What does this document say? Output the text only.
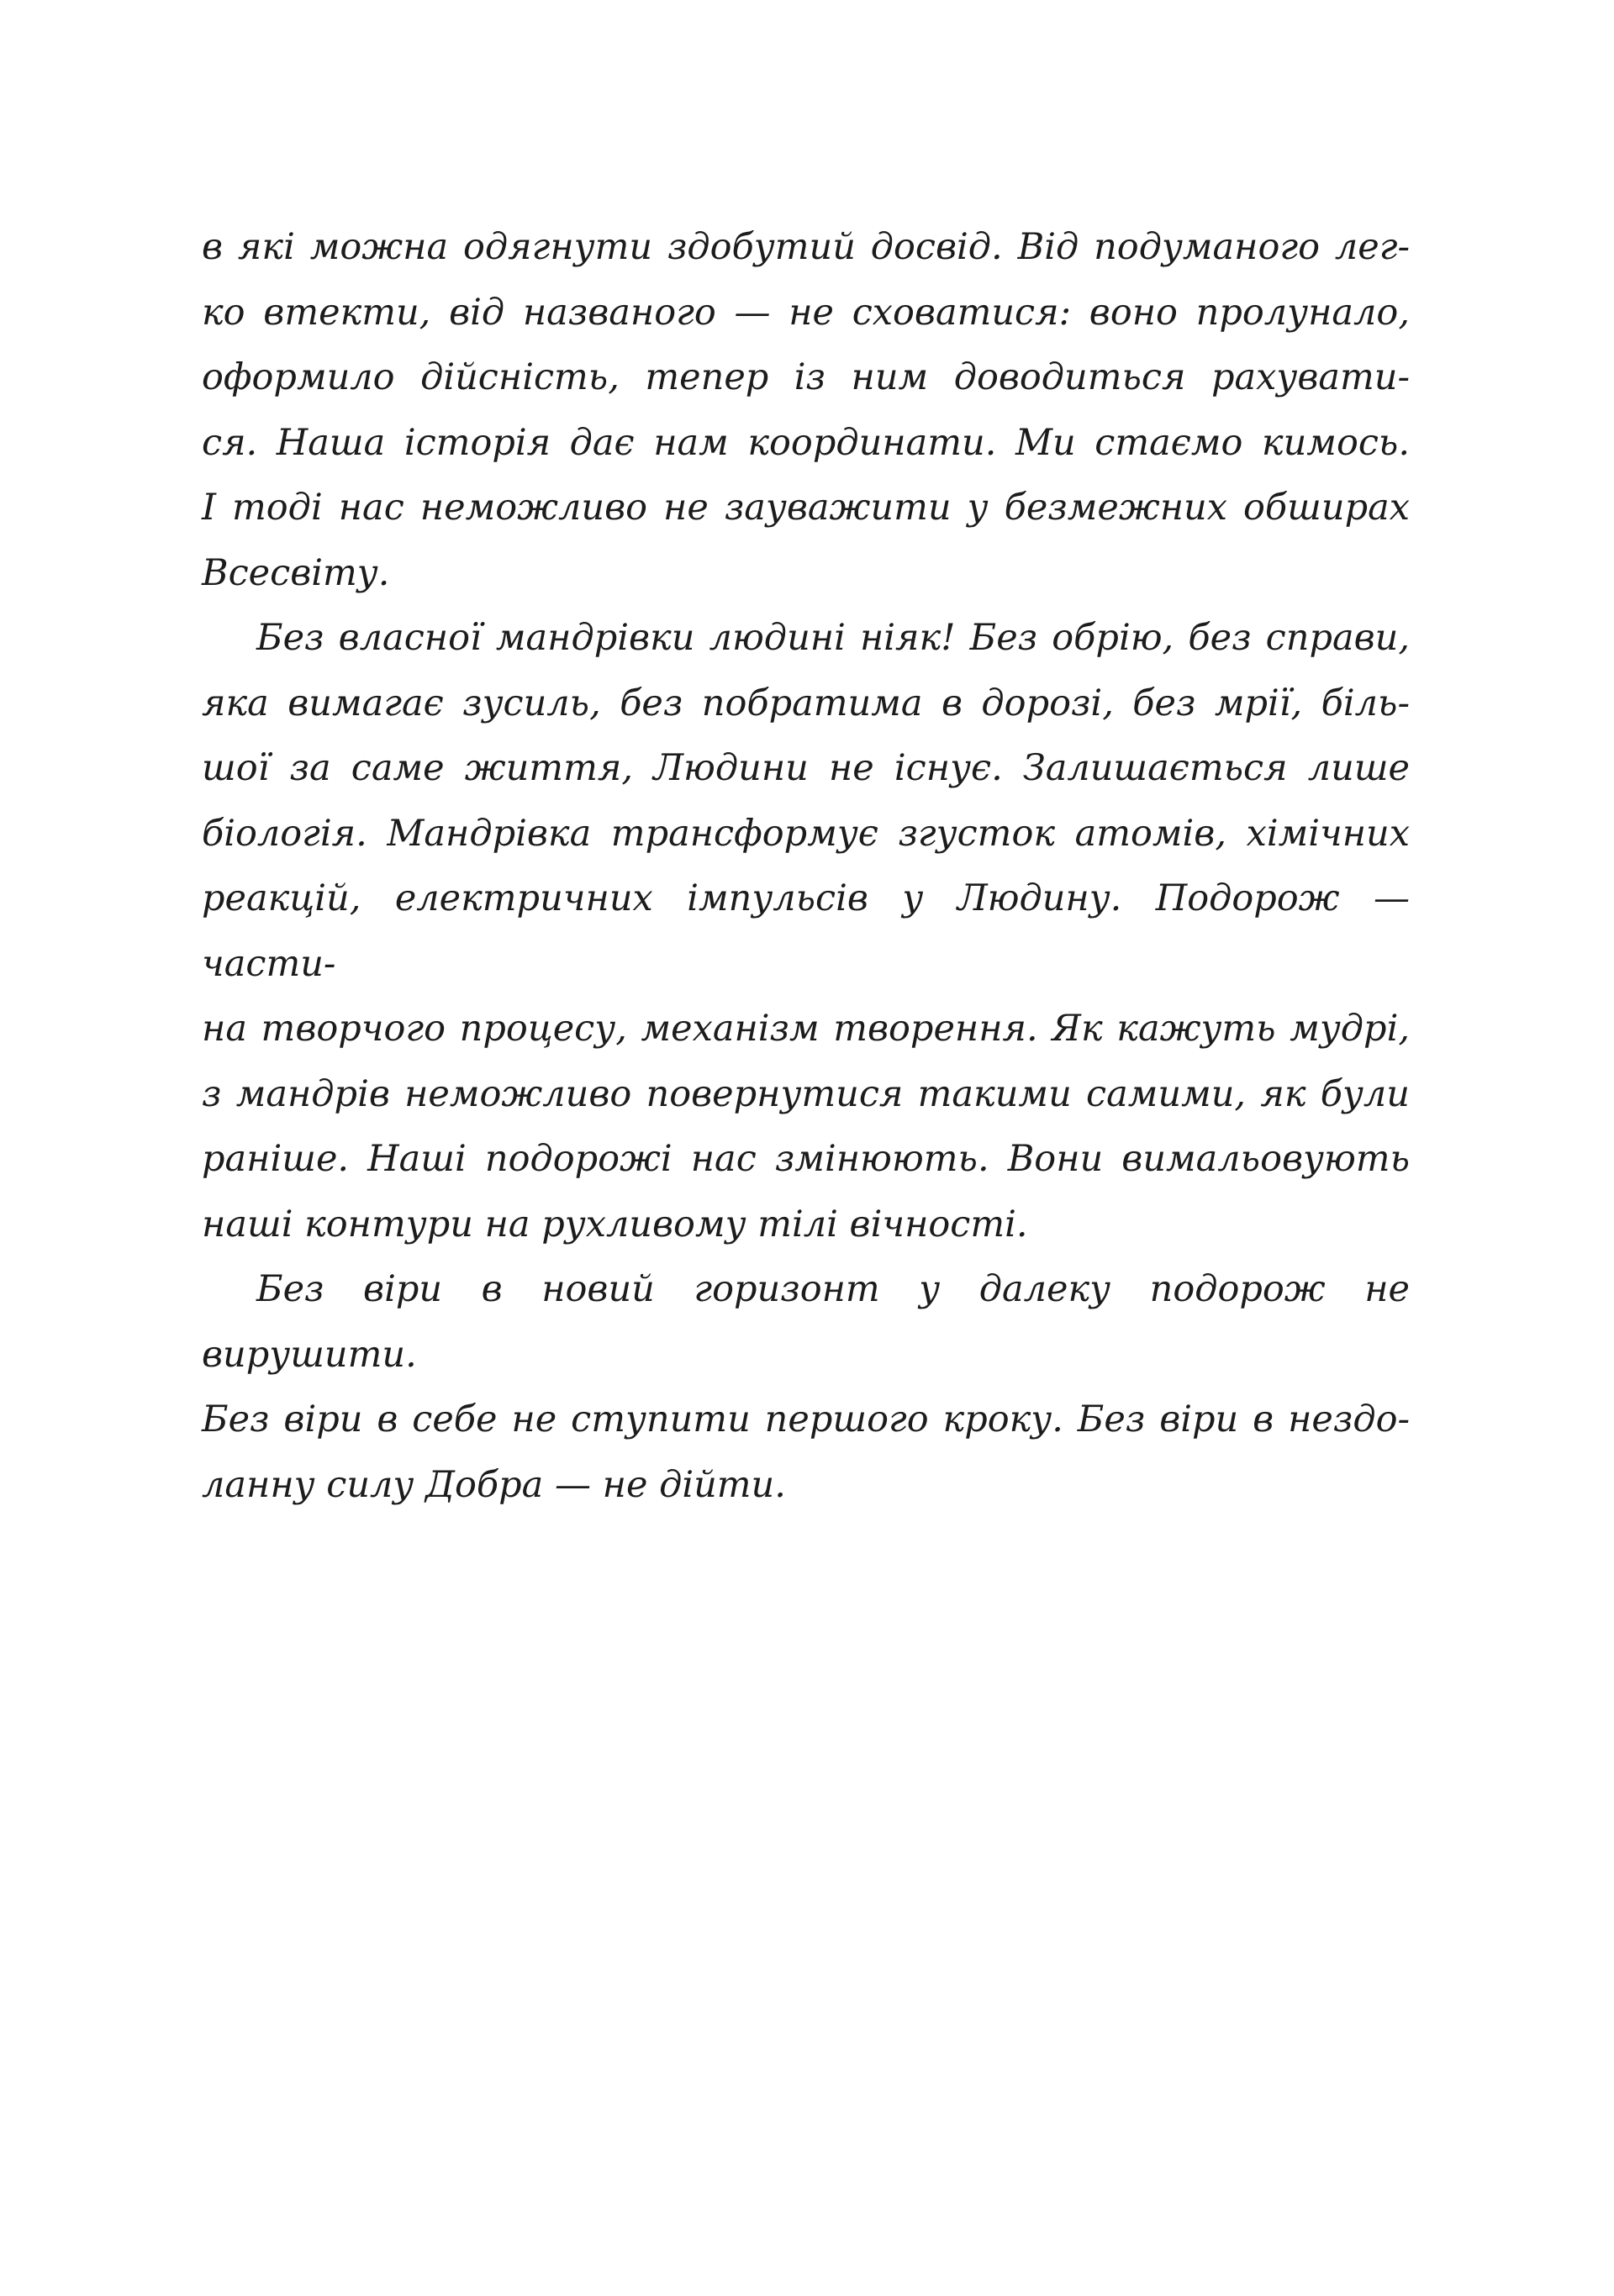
в які можна одягнути здобутий досвід. Від подуманого лег-
ко втекти, від названого — не сховатися: воно пролунало,
оформило дійсність, тепер із ним доводиться рахувати-
ся. Наша історія дає нам координати. Ми стаємо кимось.
І тоді нас неможливо не зауважити у безмежних обширах
Всесвіту.
Без власної мандрівки людині ніяк! Без обрію, без справи,
яка вимагає зусиль, без побратима в дорозі, без мрії, біль-
шої за саме життя, Людини не існує. Залишається лише
біологія. Мандрівка трансформує згусток атомів, хімічних
реакцій, електричних імпульсів у Людину. Подорож — части-
на творчого процесу, механізм творення. Як кажуть мудрі,
з мандрів неможливо повернутися такими самими, як були
раніше. Наші подорожі нас змінюють. Вони вимальовують
наші контури на рухливому тілі вічності.
Без віри в новий горизонт у далеку подорож не вирушити.
Без віри в себе не ступити першого кроку. Без віри в нездо-
ланну силу Добра — не дійти.
